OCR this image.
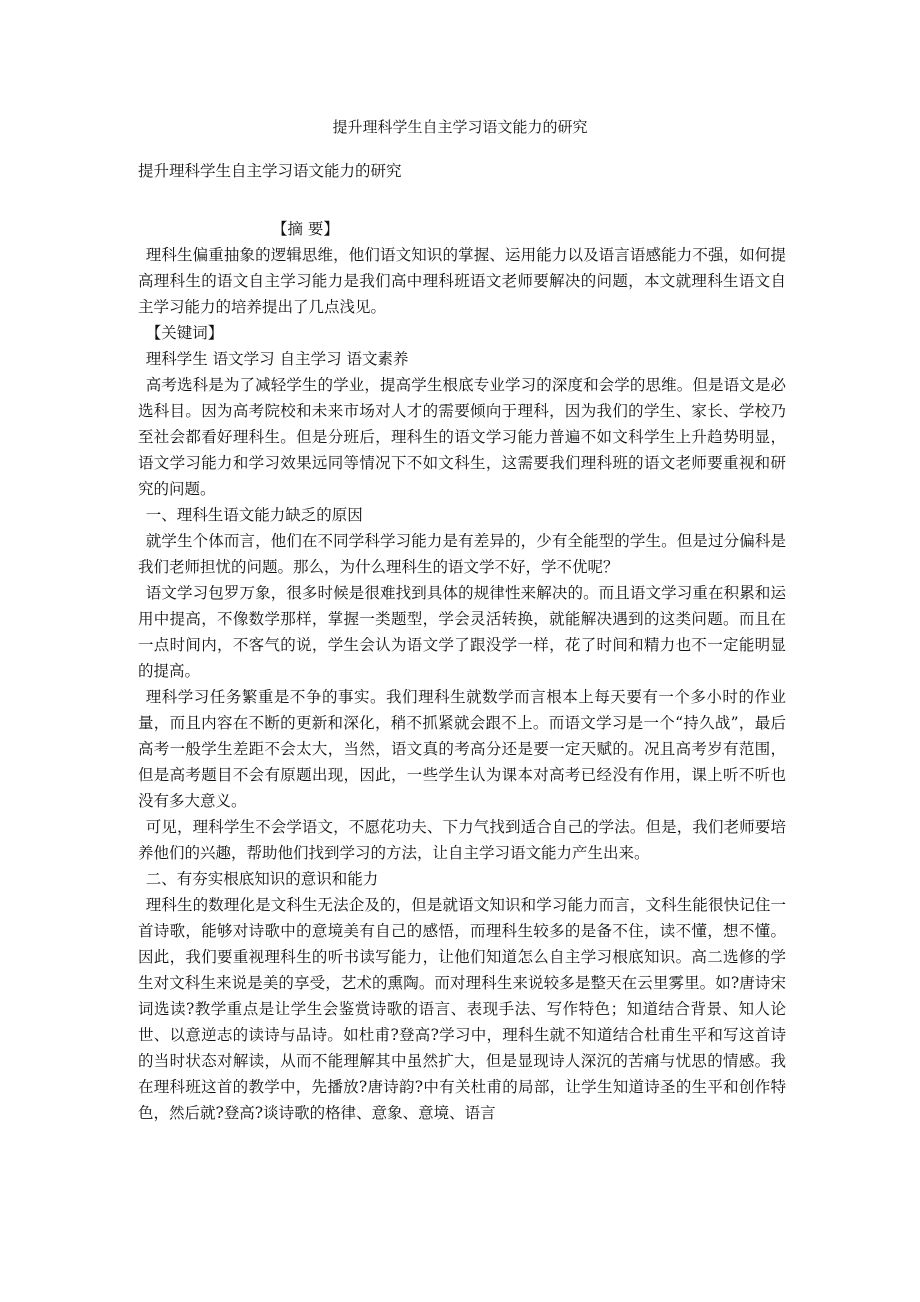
提升理科学生自主学习语文能力的研究

提升理科学生自主学习语文能力的研究

【摘 要】

理科生偏重抽象的逻辑思维，他们语文知识的掌握、运用能力以及语言语感能力不强，如何提高理科生的语文自主学习能力是我们高中理科班语文老师要解决的问题，本文就理科生语文自主学习能力的培养提出了几点浅见。

【关键词】

理科学生 语文学习 自主学习 语文素养

高考选科是为了减轻学生的学业，提高学生根底专业学习的深度和会学的思维。但是语文是必选科目。因为高考院校和未来市场对人才的需要倾向于理科，因为我们的学生、家长、学校乃至社会都看好理科生。但是分班后，理科生的语文学习能力普遍不如文科学生上升趋势明显，语文学习能力和学习效果远同等情况下不如文科生，这需要我们理科班的语文老师要重视和研究的问题。

一、理科生语文能力缺乏的原因

就学生个体而言，他们在不同学科学习能力是有差异的，少有全能型的学生。但是过分偏科是我们老师担忧的问题。那么，为什么理科生的语文学不好，学不优呢？

语文学习包罗万象，很多时候是很难找到具体的规律性来解决的。而且语文学习重在积累和运用中提高，不像数学那样，掌握一类题型，学会灵活转换，就能解决遇到的这类问题。而且在一点时间内，不客气的说，学生会认为语文学了跟没学一样，花了时间和精力也不一定能明显的提高。

理科学习任务繁重是不争的事实。我们理科生就数学而言根本上每天要有一个多小时的作业量，而且内容在不断的更新和深化，稍不抓紧就会跟不上。而语文学习是一个“持久战”，最后高考一般学生差距不会太大，当然，语文真的考高分还是要一定天赋的。况且高考岁有范围，但是高考题目不会有原题出现，因此，一些学生认为课本对高考已经没有作用，课上听不听也没有多大意义。

可见，理科学生不会学语文，不愿花功夫、下力气找到适合自己的学法。但是，我们老师要培养他们的兴趣，帮助他们找到学习的方法，让自主学习语文能力产生出来。

二、有夯实根底知识的意识和能力

理科生的数理化是文科生无法企及的，但是就语文知识和学习能力而言，文科生能很快记住一首诗歌，能够对诗歌中的意境美有自己的感悟，而理科生较多的是备不住，读不懂，想不懂。因此，我们要重视理科生的听书读写能力，让他们知道怎么自主学习根底知识。高二选修的学生对文科生来说是美的享受，艺术的熏陶。而对理科生来说较多是整天在云里雾里。如?唐诗宋词选读?教学重点是让学生会鉴赏诗歌的语言、表现手法、写作特色；知道结合背景、知人论世、以意逆志的读诗与品诗。如杜甫?登高?学习中，理科生就不知道结合杜甫生平和写这首诗的当时状态对解读，从而不能理解其中虽然扩大，但是显现诗人深沉的苦痛与忧思的情感。我在理科班这首的教学中，先播放?唐诗韵?中有关杜甫的局部，让学生知道诗圣的生平和创作特色，然后就?登高?谈诗歌的格律、意象、意境、语言
